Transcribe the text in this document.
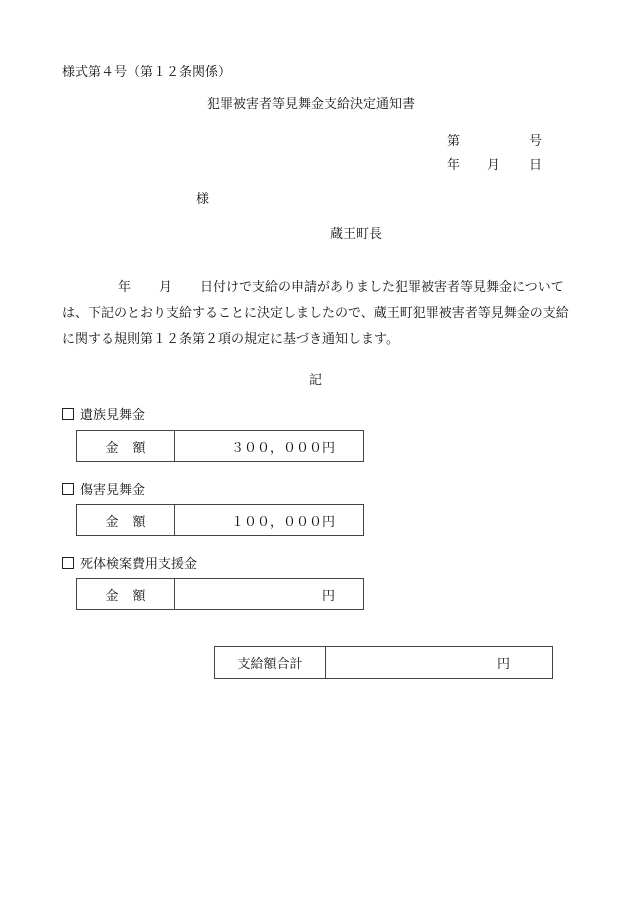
様式第４号（第１２条関係）
犯罪被害者等見舞金支給決定通知書
第	号
年 月 日
様
蔵王町長
年 月 日付けで支給の申請がありました犯罪被害者等見舞金については、下記のとおり支給することに決定しましたので、蔵王町犯罪被害者等見舞金の支給に関する規則第１２条第２項の規定に基づき通知します。
記
遺族見舞金
金額	３００，０００円
傷害見舞金
金額	１００，０００円
死体検案費用支援金
金額	円
支給額合計	円
